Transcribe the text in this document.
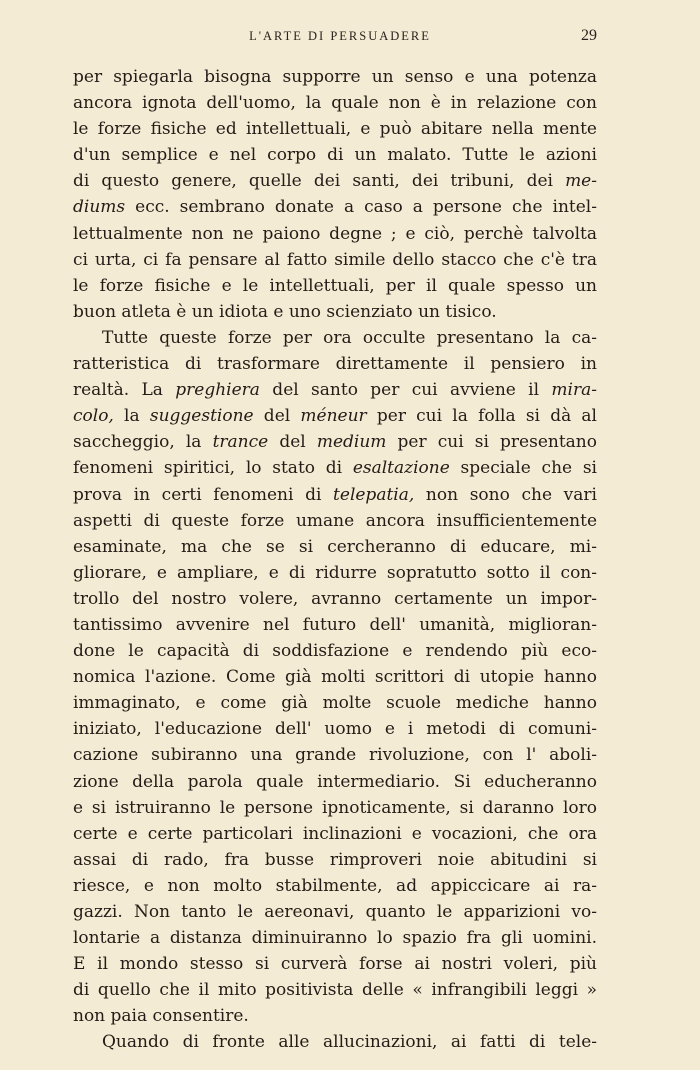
L'ARTE DI PERSUADERE	29
per spiegarla bisogna supporre un senso e una potenza
ancora ignota dell'uomo, la quale non è in relazione con
le forze fisiche ed intellettuali, e può abitare nella mente
d'un semplice e nel corpo di un malato. Tutte le azioni
di questo genere, quelle dei santi, dei tribuni, dei me-
diums ecc. sembrano donate a caso a persone che intel-
lettualmente non ne paiono degne ; e ciò, perchè talvolta
ci urta, ci fa pensare al fatto simile dello stacco che c'è tra
le forze fisiche e le intellettuali, per il quale spesso un
buon atleta è un idiota e uno scienziato un tisico.
Tutte queste forze per ora occulte presentano la ca-
ratteristica di trasformare direttamente il pensiero in
realtà. La preghiera del santo per cui avviene il mira-
colo, la suggestione del méneur per cui la folla si dà al
saccheggio, la trance del medium per cui si presentano
fenomeni spiritici, lo stato di esaltazione speciale che si
prova in certi fenomeni di telepatia, non sono che vari
aspetti di queste forze umane ancora insufficientemente
esaminate, ma che se si cercheranno di educare, mi-
gliorare, e ampliare, e di ridurre sopratutto sotto il con-
trollo del nostro volere, avranno certamente un impor-
tantissimo avvenire nel futuro dell' umanità, miglioran-
done le capacità di soddisfazione e rendendo più eco-
nomica l'azione. Come già molti scrittori di utopie hanno
immaginato, e come già molte scuole mediche hanno
iniziato, l'educazione dell' uomo e i metodi di comuni-
cazione subiranno una grande rivoluzione, con l' aboli-
zione della parola quale intermediario. Si educheranno
e si istruiranno le persone ipnoticamente, si daranno loro
certe e certe particolari inclinazioni e vocazioni, che ora
assai di rado, fra busse rimproveri noie abitudini si
riesce, e non molto stabilmente, ad appiccicare ai ra-
gazzi. Non tanto le aereonavi, quanto le apparizioni vo-
lontarie a distanza diminuiranno lo spazio fra gli uomini.
E il mondo stesso si curverà forse ai nostri voleri, più
di quello che il mito positivista delle « infrangibili leggi »
non paia consentire.
Quando di fronte alle allucinazioni, ai fatti di tele-
